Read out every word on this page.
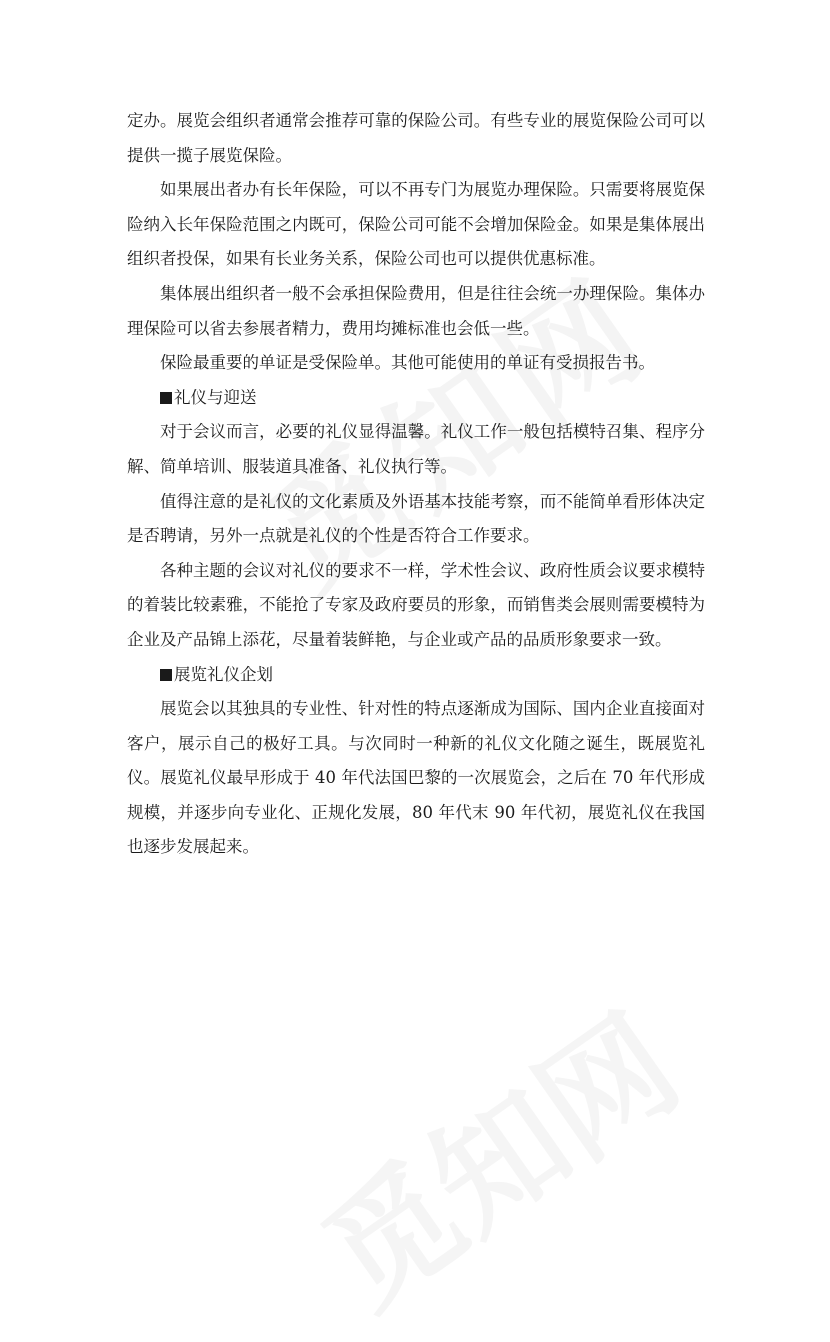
定办。展览会组织者通常会推荐可靠的保险公司。有些专业的展览保险公司可以提供一揽子展览保险。

如果展出者办有长年保险，可以不再专门为展览办理保险。只需要将展览保险纳入长年保险范围之内既可，保险公司可能不会增加保险金。如果是集体展出组织者投保，如果有长业务关系，保险公司也可以提供优惠标准。

集体展出组织者一般不会承担保险费用，但是往往会统一办理保险。集体办理保险可以省去参展者精力，费用均摊标准也会低一些。

保险最重要的单证是受保险单。其他可能使用的单证有受损报告书。

礼仪与迎送

对于会议而言，必要的礼仪显得温馨。礼仪工作一般包括模特召集、程序分解、简单培训、服装道具准备、礼仪执行等。

值得注意的是礼仪的文化素质及外语基本技能考察，而不能简单看形体决定是否聘请，另外一点就是礼仪的个性是否符合工作要求。

各种主题的会议对礼仪的要求不一样，学术性会议、政府性质会议要求模特的着装比较素雅，不能抢了专家及政府要员的形象，而销售类会展则需要模特为企业及产品锦上添花，尽量着装鲜艳，与企业或产品的品质形象要求一致。

展览礼仪企划

展览会以其独具的专业性、针对性的特点逐渐成为国际、国内企业直接面对客户，展示自己的极好工具。与次同时一种新的礼仪文化随之诞生，既展览礼仪。展览礼仪最早形成于 40 年代法国巴黎的一次展览会，之后在 70 年代形成规模，并逐步向专业化、正规化发展，80 年代末 90 年代初，展览礼仪在我国也逐步发展起来。
